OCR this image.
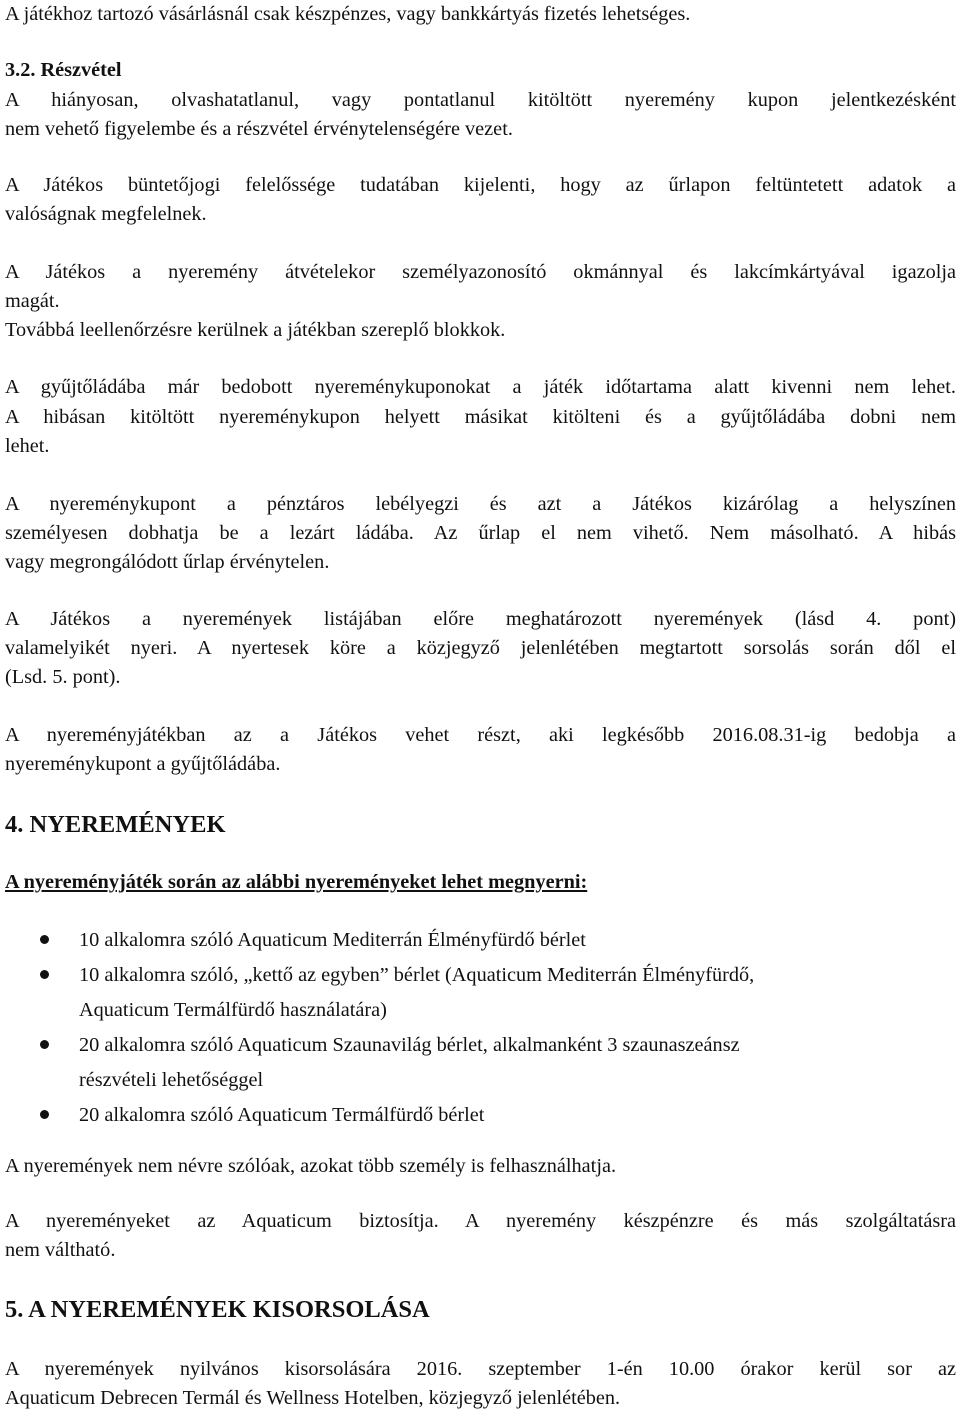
A játékhoz tartozó vásárlásnál csak készpénzes, vagy bankkártyás fizetés lehetséges.

3.2. Részvétel

A hiányosan, olvashatatlanul, vagy pontatlanul kitöltött nyeremény kupon jelentkezésként

nem vehető figyelembe és a részvétel érvénytelenségére vezet.

A Játékos büntetőjogi felelőssége tudatában kijelenti, hogy az űrlapon feltüntetett adatok a

valóságnak megfelelnek.

A Játékos a nyeremény átvételekor személyazonosító okmánnyal és lakcímkártyával igazolja

magát.

Továbbá leellenőrzésre kerülnek a játékban szereplő blokkok.

A gyűjtőládába már bedobott nyereménykuponokat a játék időtartama alatt kivenni nem lehet.

A hibásan kitöltött nyereménykupon helyett másikat kitölteni és a gyűjtőládába dobni nem

lehet.

A nyereménykupont a pénztáros lebélyegzi és azt a Játékos kizárólag a helyszínen

személyesen dobhatja be a lezárt ládába. Az űrlap el nem vihető. Nem másolható. A hibás

vagy megrongálódott űrlap érvénytelen.

A Játékos a nyeremények listájában előre meghatározott nyeremények (lásd 4. pont)

valamelyikét nyeri. A nyertesek köre a közjegyző jelenlétében megtartott sorsolás során dől el

(Lsd. 5. pont).

A nyereményjátékban az a Játékos vehet részt, aki legkésőbb 2016.08.31-ig bedobja a

nyereménykupont a gyűjtőládába.

4. NYEREMÉNYEK

A nyereményjáték során az alábbi nyereményeket lehet megnyerni:

10 alkalomra szóló Aquaticum Mediterrán Élményfürdő bérlet
10 alkalomra szóló, „kettő az egyben” bérlet (Aquaticum Mediterrán Élményfürdő,
Aquaticum Termálfürdő használatára)
20 alkalomra szóló Aquaticum Szaunavilág bérlet, alkalmanként 3 szaunaszeánsz
részvételi lehetőséggel
20 alkalomra szóló Aquaticum Termálfürdő bérlet

A nyeremények nem névre szólóak, azokat több személy is felhasználhatja.

A nyereményeket az Aquaticum biztosítja. A nyeremény készpénzre és más szolgáltatásra

nem váltható.

5. A NYEREMÉNYEK KISORSOLÁSA

A nyeremények nyilvános kisorsolására 2016. szeptember 1-én 10.00 órakor kerül sor az

Aquaticum Debrecen Termál és Wellness Hotelben, közjegyző jelenlétében.
